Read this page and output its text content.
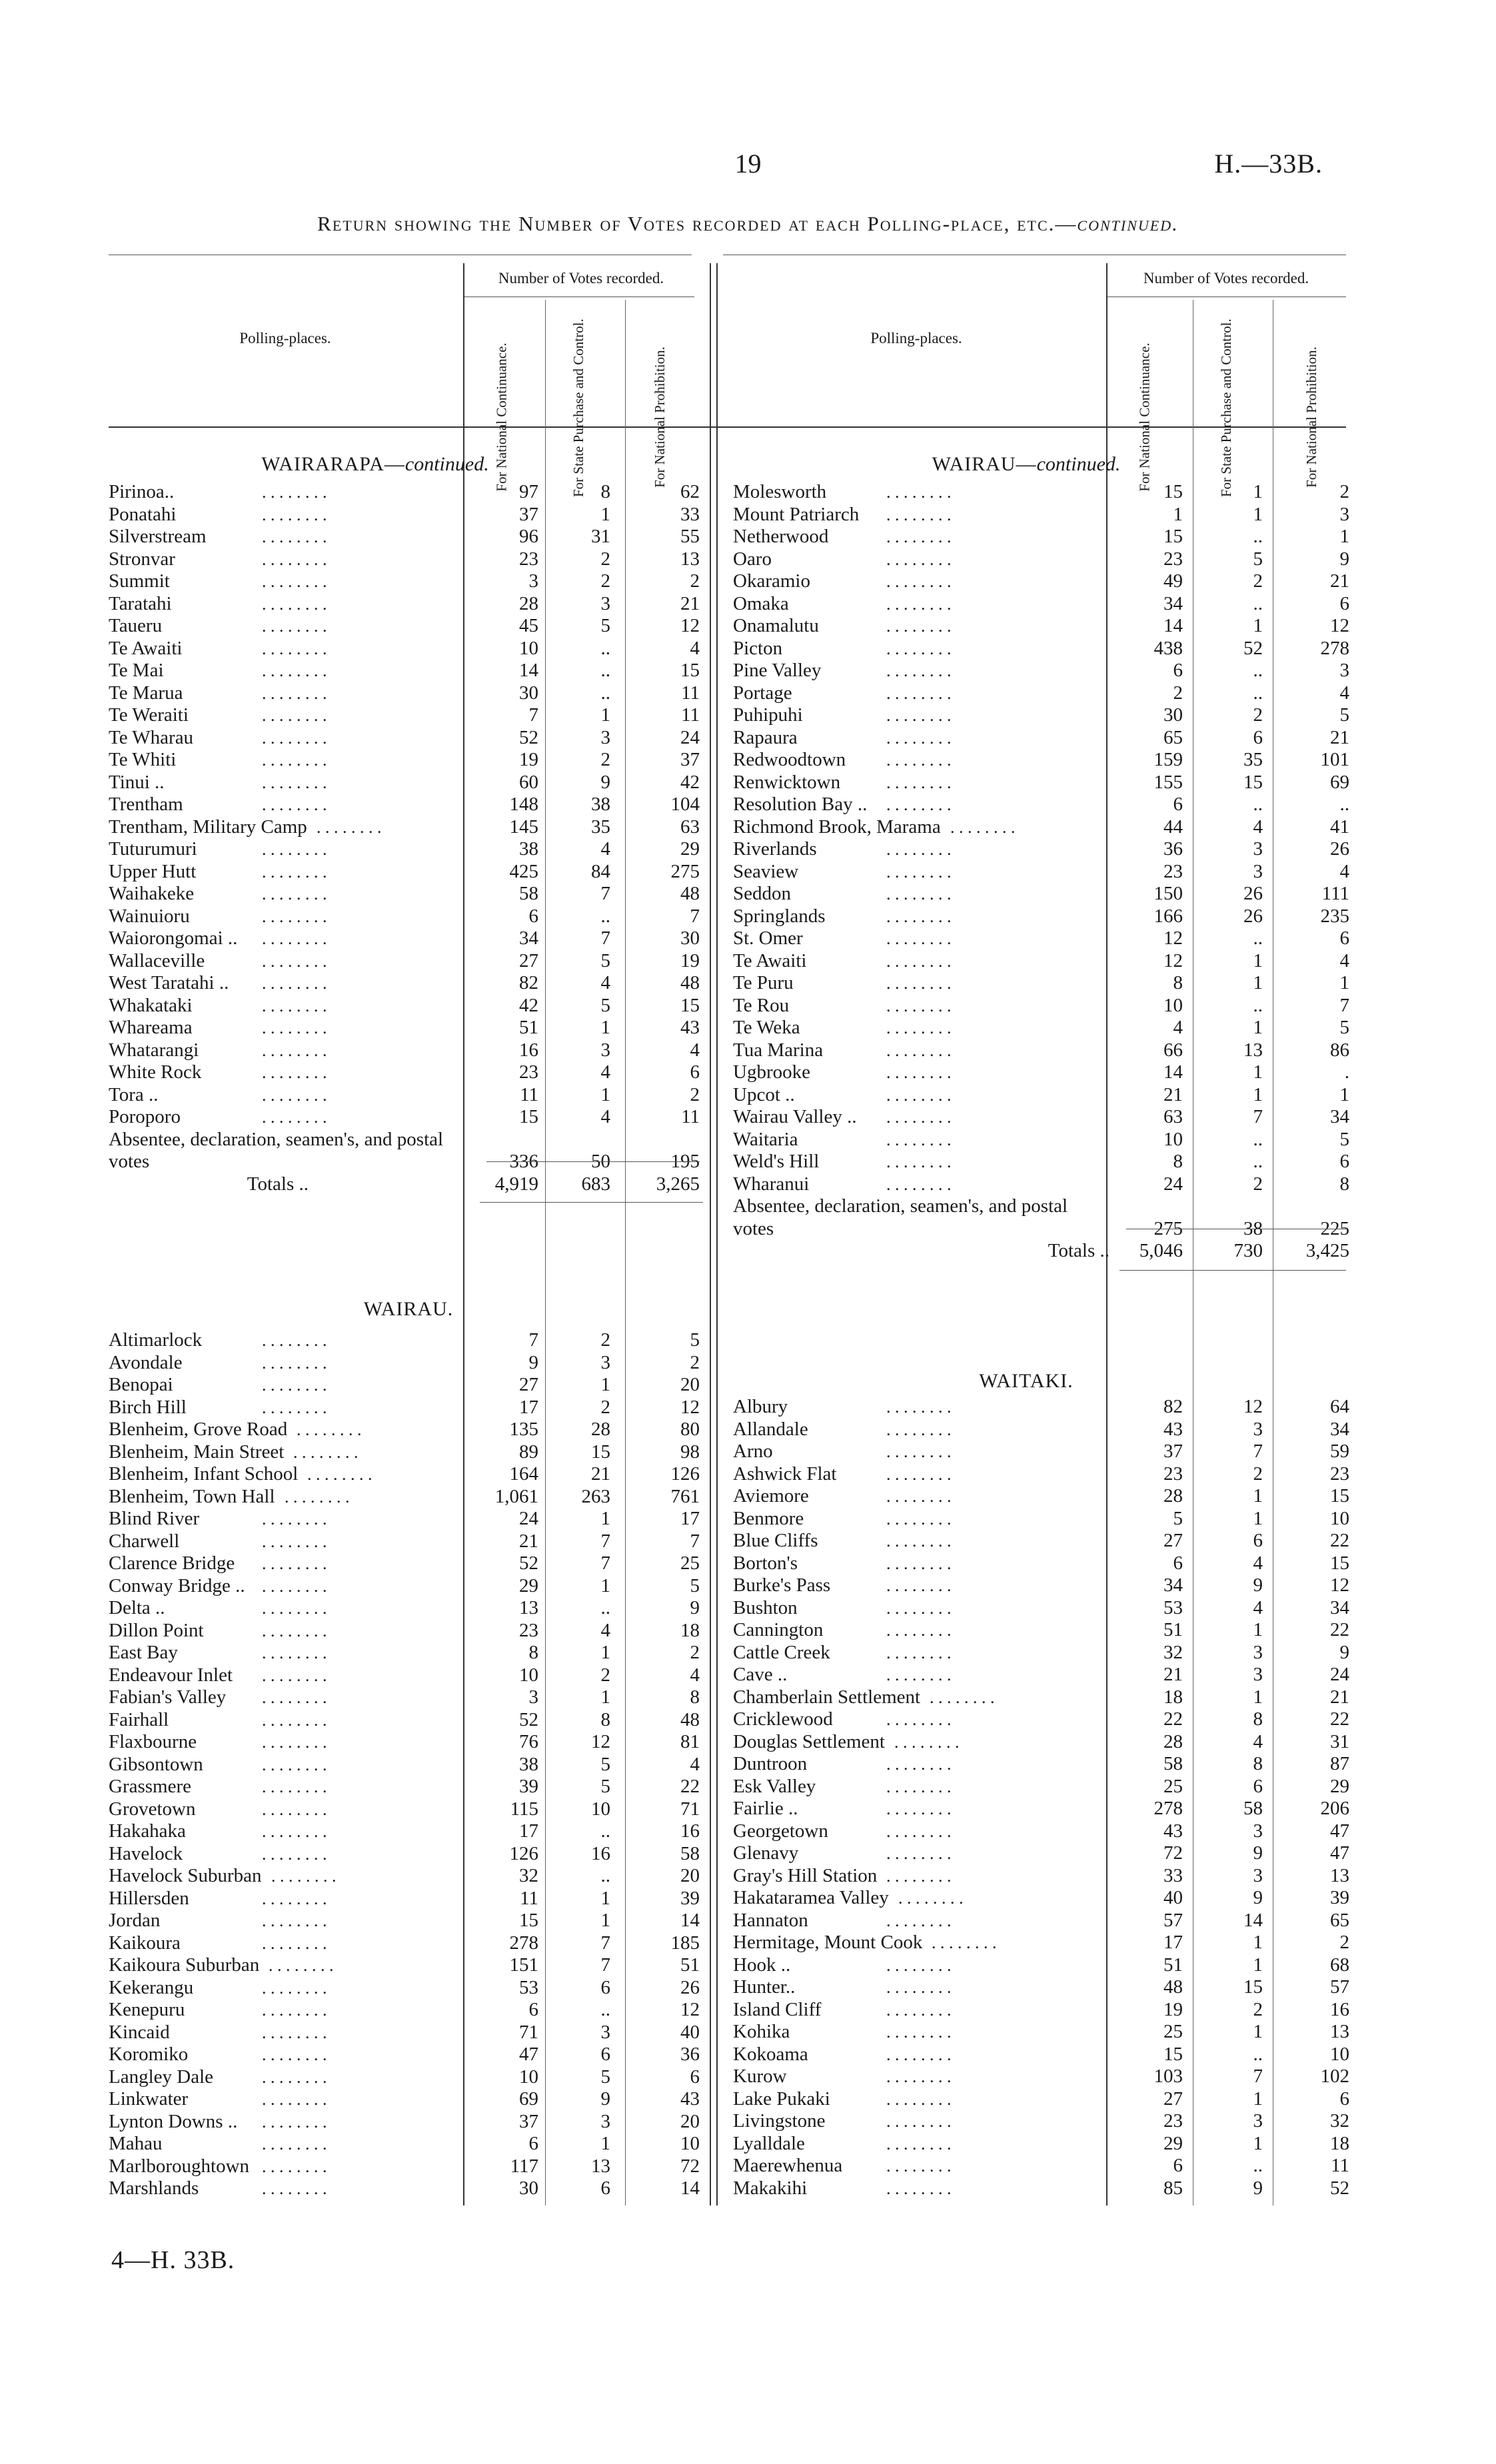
19	H.—33B.
Return showing the Number of Votes recorded at each Polling-place, etc.—continued.
Number of Votes recorded.	Number of Votes recorded.
Polling-places.	Polling-places.
For National Continuance.	For State Purchase and Control.	For National Prohibition.	For National Continuance.	For State Purchase and Control.	For National Prohibition.
WAIRARAPA—continued.	WAIRAU—continued.
WAIRAU.
WAITAKI.
Pirinoa..	. . . . . . . .	97	8	62
Ponatahi	. . . . . . . .	37	1	33
Silverstream	. . . . . . . .	96	31	55
Stronvar	. . . . . . . .	23	2	13
Summit	. . . . . . . .	3	2	2
Taratahi	. . . . . . . .	28	3	21
Taueru	. . . . . . . .	45	5	12
Te Awaiti	. . . . . . . .	10	..	4
Te Mai	. . . . . . . .	14	..	15
Te Marua	. . . . . . . .	30	..	11
Te Weraiti	. . . . . . . .	7	1	11
Te Wharau	. . . . . . . .	52	3	24
Te Whiti	. . . . . . . .	19	2	37
Tinui ..	. . . . . . . .	60	9	42
Trentham	. . . . . . . .	148	38	104
Trentham, Military Camp . . . . . . . .	145	35	63
Tuturumuri	. . . . . . . .	38	4	29
Upper Hutt	. . . . . . . .	425	84	275
Waihakeke	. . . . . . . .	58	7	48
Wainuioru	. . . . . . . .	6	..	7
Waiorongomai .. . . . . . . . .	34	7	30
Wallaceville	. . . . . . . .	27	5	19
West Taratahi .. . . . . . . . .	82	4	48
Whakataki	. . . . . . . .	42	5	15
Whareama	. . . . . . . .	51	1	43
Whatarangi	. . . . . . . .	16	3	4
White Rock	. . . . . . . .	23	4	6
Tora ..	. . . . . . . .	11	1	2
Poroporo	. . . . . . . .	15	4	11
Absentee, declaration, seamen's, and postal votes	336	50	195
Totals ..	4,919	683	3,265
Molesworth	. . . . . . . .	15	1	2
Mount Patriarch . . . . . . . .	1	1	3
Netherwood	. . . . . . . .	15	..	1
Oaro	. . . . . . . .	23	5	9
Okaramio	. . . . . . . .	49	2	21
Omaka	. . . . . . . .	34	..	6
Onamalutu	. . . . . . . .	14	1	12
Picton	. . . . . . . .	438	52	278
Pine Valley	. . . . . . . .	6	..	3
Portage	. . . . . . . .	2	..	4
Puhipuhi	. . . . . . . .	30	2	5
Rapaura	. . . . . . . .	65	6	21
Redwoodtown . . . . . . . .	159	35	101
Renwicktown	. . . . . . . .	155	15	69
Resolution Bay .. . . . . . . . .	6	..	..
Richmond Brook, Marama . . . . . . . .	44	4	41
Riverlands	. . . . . . . .	36	3	26
Seaview	. . . . . . . .	23	3	4
Seddon	. . . . . . . .	150	26	111
Springlands	. . . . . . . .	166	26	235
St. Omer	. . . . . . . .	12	..	6
Te Awaiti	. . . . . . . .	12	1	4
Te Puru	. . . . . . . .	8	1	1
Te Rou	. . . . . . . .	10	..	7
Te Weka	. . . . . . . .	4	1	5
Tua Marina	. . . . . . . .	66	13	86
Ugbrooke	. . . . . . . .	14	1	.
Upcot ..	. . . . . . . .	21	1	1
Wairau Valley .. . . . . . . . .	63	7	34
Waitaria	. . . . . . . .	10	..	5
Weld's Hill	. . . . . . . .	8	..	6
Wharanui	. . . . . . . .	24	2	8
Absentee, declaration, seamen's, and postal votes	275	38	225
Totals ..	5,046	730	3,425
Altimarlock	. . . . . . . .	7	2	5
Avondale	. . . . . . . .	9	3	2
Benopai	. . . . . . . .	27	1	20
Birch Hill	. . . . . . . .	17	2	12
Blenheim, Grove Road . . . . . . . .	135	28	80
Blenheim, Main Street . . . . . . . .	89	15	98
Blenheim, Infant School . . . . . . . .	164	21	126
Blenheim, Town Hall . . . . . . . .	1,061	263	761
Blind River	. . . . . . . .	24	1	17
Charwell	. . . . . . . .	21	7	7
Clarence Bridge . . . . . . . .	52	7	25
Conway Bridge .. . . . . . . . .	29	1	5
Delta ..	. . . . . . . .	13	..	9
Dillon Point	. . . . . . . .	23	4	18
East Bay	. . . . . . . .	8	1	2
Endeavour Inlet . . . . . . . .	10	2	4
Fabian's Valley . . . . . . . .	3	1	8
Fairhall	. . . . . . . .	52	8	48
Flaxbourne	. . . . . . . .	76	12	81
Gibsontown	. . . . . . . .	38	5	4
Grassmere	. . . . . . . .	39	5	22
Grovetown	. . . . . . . .	115	10	71
Hakahaka	. . . . . . . .	17	..	16
Havelock	. . . . . . . .	126	16	58
Havelock Suburban . . . . . . . .	32	..	20
Hillersden	. . . . . . . .	11	1	39
Jordan	. . . . . . . .	15	1	14
Kaikoura	. . . . . . . .	278	7	185
Kaikoura Suburban . . . . . . . .	151	7	51
Kekerangu	. . . . . . . .	53	6	26
Kenepuru	. . . . . . . .	6	..	12
Kincaid	. . . . . . . .	71	3	40
Koromiko	. . . . . . . .	47	6	36
Langley Dale	. . . . . . . .	10	5	6
Linkwater	. . . . . . . .	69	9	43
Lynton Downs .. . . . . . . . .	37	3	20
Mahau	. . . . . . . .	6	1	10
Marlboroughtown . . . . . . . .	117	13	72
Marshlands	. . . . . . . .	30	6	14
Albury	. . . . . . . .	82	12	64
Allandale	. . . . . . . .	43	3	34
Arno	. . . . . . . .	37	7	59
Ashwick Flat	. . . . . . . .	23	2	23
Aviemore	. . . . . . . .	28	1	15
Benmore	. . . . . . . .	5	1	10
Blue Cliffs	. . . . . . . .	27	6	22
Borton's	. . . . . . . .	6	4	15
Burke's Pass	. . . . . . . .	34	9	12
Bushton	. . . . . . . .	53	4	34
Cannington	. . . . . . . .	51	1	22
Cattle Creek	. . . . . . . .	32	3	9
Cave ..	. . . . . . . .	21	3	24
Chamberlain Settlement . . . . . . . .	18	1	21
Cricklewood	. . . . . . . .	22	8	22
Douglas Settlement . . . . . . . .	28	4	31
Duntroon	. . . . . . . .	58	8	87
Esk Valley	. . . . . . . .	25	6	29
Fairlie ..	. . . . . . . .	278	58	206
Georgetown	. . . . . . . .	43	3	47
Glenavy	. . . . . . . .	72	9	47
Gray's Hill Station . . . . . . . .	33	3	13
Hakataramea Valley . . . . . . . .	40	9	39
Hannaton	. . . . . . . .	57	14	65
Hermitage, Mount Cook . . . . . . . .	17	1	2
Hook ..	. . . . . . . .	51	1	68
Hunter..	. . . . . . . .	48	15	57
Island Cliff	. . . . . . . .	19	2	16
Kohika	. . . . . . . .	25	1	13
Kokoama	. . . . . . . .	15	..	10
Kurow	. . . . . . . .	103	7	102
Lake Pukaki	. . . . . . . .	27	1	6
Livingstone	. . . . . . . .	23	3	32
Lyalldale	. . . . . . . .	29	1	18
Maerewhenua	. . . . . . . .	6	..	11
Makakihi	. . . . . . . .	85	9	52
4—H. 33B.
